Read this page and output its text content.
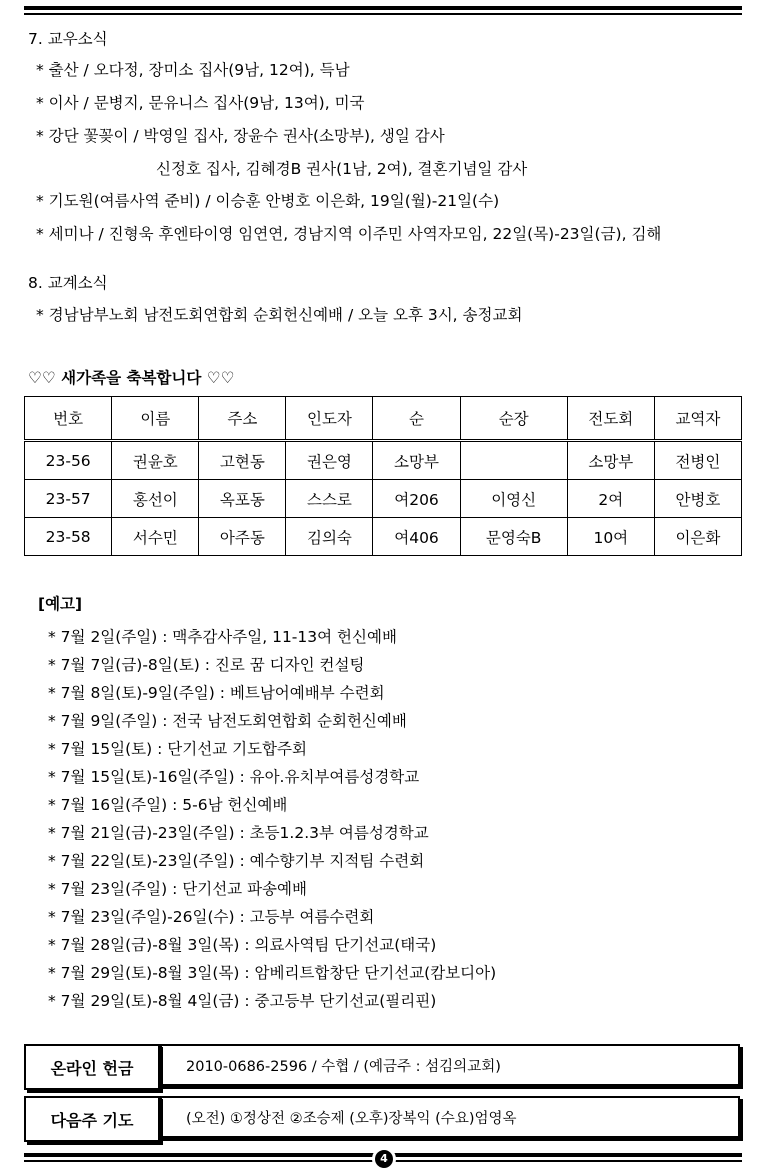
7. 교우소식
* 출산 / 오다정, 장미소 집사(9남, 12여), 득남
* 이사 / 문병지, 문유니스 집사(9남, 13여), 미국
* 강단 꽃꽂이 / 박영일 집사, 장윤수 권사(소망부), 생일 감사
신정호 집사, 김혜경B 권사(1남, 2여), 결혼기념일 감사
* 기도원(여름사역 준비) / 이승훈 안병호 이은화, 19일(월)-21일(수)
* 세미나 / 진형욱 후엔타이영 임연연, 경남지역 이주민 사역자모임, 22일(목)-23일(금), 김해
8. 교계소식
* 경남남부노회 남전도회연합회 순회헌신예배 / 오늘 오후 3시, 송정교회
♡♡ 새가족을 축복합니다 ♡♡
번호	이름	주소	인도자	순	순장	전도회	교역자
23-56	권윤호	고현동	권은영	소망부		소망부	전병인
23-57	홍선이	옥포동	스스로	여206	이영신	2여	안병호
23-58	서수민	아주동	김의숙	여406	문영숙B	10여	이은화
[예고]
* 7월 2일(주일) : 맥추감사주일, 11-13여 헌신예배
* 7월 7일(금)-8일(토) : 진로 꿈 디자인 컨설팅
* 7월 8일(토)-9일(주일) : 베트남어예배부 수련회
* 7월 9일(주일) : 전국 남전도회연합회 순회헌신예배
* 7월 15일(토) : 단기선교 기도합주회
* 7월 15일(토)-16일(주일) : 유아.유치부여름성경학교
* 7월 16일(주일) : 5-6남 헌신예배
* 7월 21일(금)-23일(주일) : 초등1.2.3부 여름성경학교
* 7월 22일(토)-23일(주일) : 예수향기부 지적팀 수련회
* 7월 23일(주일) : 단기선교 파송예배
* 7월 23일(주일)-26일(수) : 고등부 여름수련회
* 7월 28일(금)-8월 3일(목) : 의료사역팀 단기선교(태국)
* 7월 29일(토)-8월 3일(목) : 암베리트합창단 단기선교(캄보디아)
* 7월 29일(토)-8월 4일(금) : 중고등부 단기선교(필리핀)
온라인 헌금	2010-0686-2596 / 수협 / (예금주 : 섬김의교회)
다음주 기도	(오전) ①정상전 ②조승제 (오후)장복익 (수요)엄영옥
4
